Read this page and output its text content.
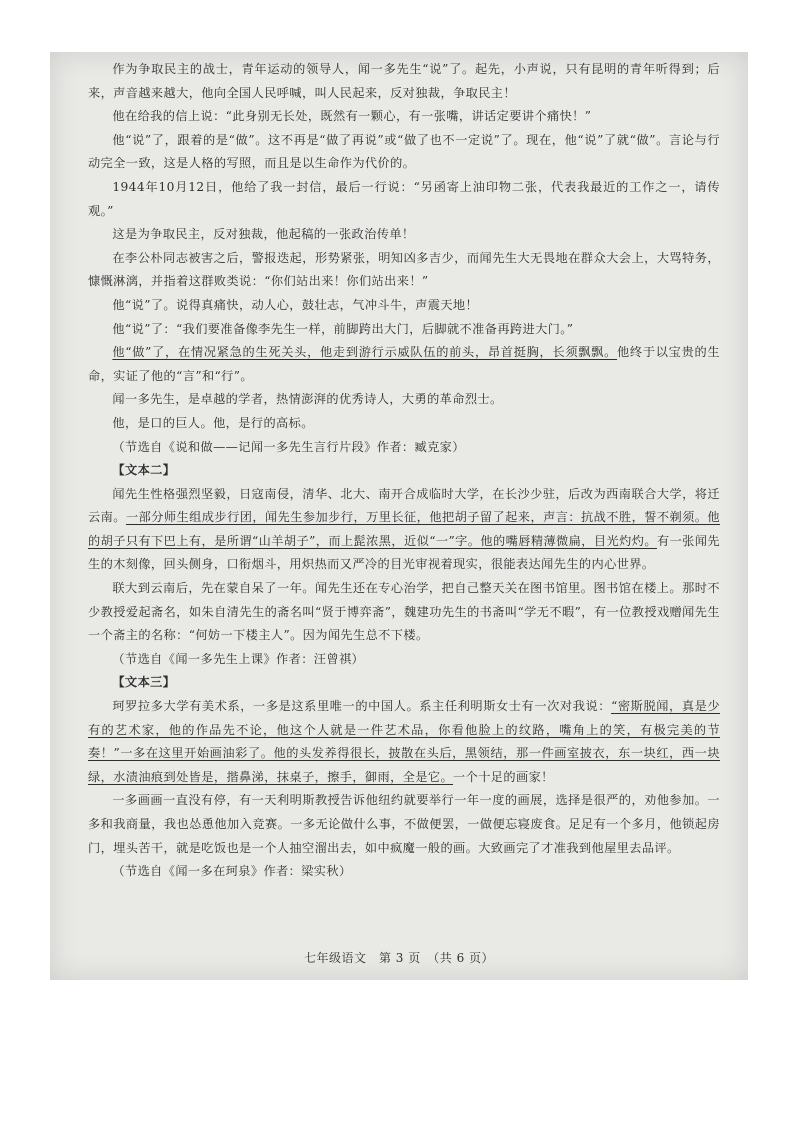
作为争取民主的战士，青年运动的领导人，闻一多先生“说”了。起先，小声说，只有昆明的青年听得到；后来，声音越来越大，他向全国人民呼喊，叫人民起来，反对独裁，争取民主！

他在给我的信上说：“此身别无长处，既然有一颗心，有一张嘴，讲话定要讲个痛快！”

他“说”了，跟着的是“做”。这不再是“做了再说”或“做了也不一定说”了。现在，他“说”了就“做”。言论与行动完全一致，这是人格的写照，而且是以生命作为代价的。

1944年10月12日，他给了我一封信，最后一行说：“另函寄上油印物二张，代表我最近的工作之一，请传观。”

这是为争取民主，反对独裁，他起稿的一张政治传单！

在李公朴同志被害之后，警报迭起，形势紧张，明知凶多吉少，而闻先生大无畏地在群众大会上，大骂特务，慷慨淋漓，并指着这群败类说：“你们站出来！你们站出来！”

他“说”了。说得真痛快，动人心，鼓壮志，气冲斗牛，声震天地！

他“说”了：“我们要准备像李先生一样，前脚跨出大门，后脚就不准备再跨进大门。”

他“做”了，在情况紧急的生死关头，他走到游行示威队伍的前头，昂首挺胸，长须飘飘。他终于以宝贵的生命，实证了他的“言”和“行”。

闻一多先生，是卓越的学者，热情澎湃的优秀诗人，大勇的革命烈士。

他，是口的巨人。他，是行的高标。

（节选自《说和做——记闻一多先生言行片段》作者：臧克家）

【文本二】

闻先生性格强烈坚毅，日寇南侵，清华、北大、南开合成临时大学，在长沙少驻，后改为西南联合大学，将迁云南。一部分师生组成步行团，闻先生参加步行，万里长征，他把胡子留了起来，声言：抗战不胜，誓不剃须。他的胡子只有下巴上有，是所谓“山羊胡子”，而上髭浓黑，近似“一”字。他的嘴唇精薄微扁，目光灼灼。有一张闻先生的木刻像，回头侧身，口衔烟斗，用炽热而又严冷的目光审视着现实，很能表达闻先生的内心世界。

联大到云南后，先在蒙自呆了一年。闻先生还在专心治学，把自己整天关在图书馆里。图书馆在楼上。那时不少教授爱起斋名，如朱自清先生的斋名叫“贤于博弈斋”，魏建功先生的书斋叫“学无不暇”，有一位教授戏赠闻先生一个斋主的名称：“何妨一下楼主人”。因为闻先生总不下楼。

（节选自《闻一多先生上课》作者：汪曾祺）

【文本三】

珂罗拉多大学有美术系，一多是这系里唯一的中国人。系主任利明斯女士有一次对我说：“密斯脱闻，真是少有的艺术家，他的作品先不论，他这个人就是一件艺术品，你看他脸上的纹路，嘴角上的笑，有极完美的节奏！”一多在这里开始画油彩了。他的头发养得很长，披散在头后，黑领结，那一件画室披衣，东一块红，西一块绿，水渍油痕到处皆是，揩鼻涕，抹桌子，擦手，御雨，全是它。一个十足的画家！

一多画画一直没有停，有一天利明斯教授告诉他纽约就要举行一年一度的画展，选择是很严的，劝他参加。一多和我商量，我也怂恿他加入竞赛。一多无论做什么事，不做便罢，一做便忘寝废食。足足有一个多月，他锁起房门，埋头苦干，就是吃饭也是一个人抽空溜出去，如中疯魔一般的画。大致画完了才准我到他屋里去品评。

（节选自《闻一多在珂泉》作者：梁实秋）

七年级语文　第 3 页　（共 6 页）
